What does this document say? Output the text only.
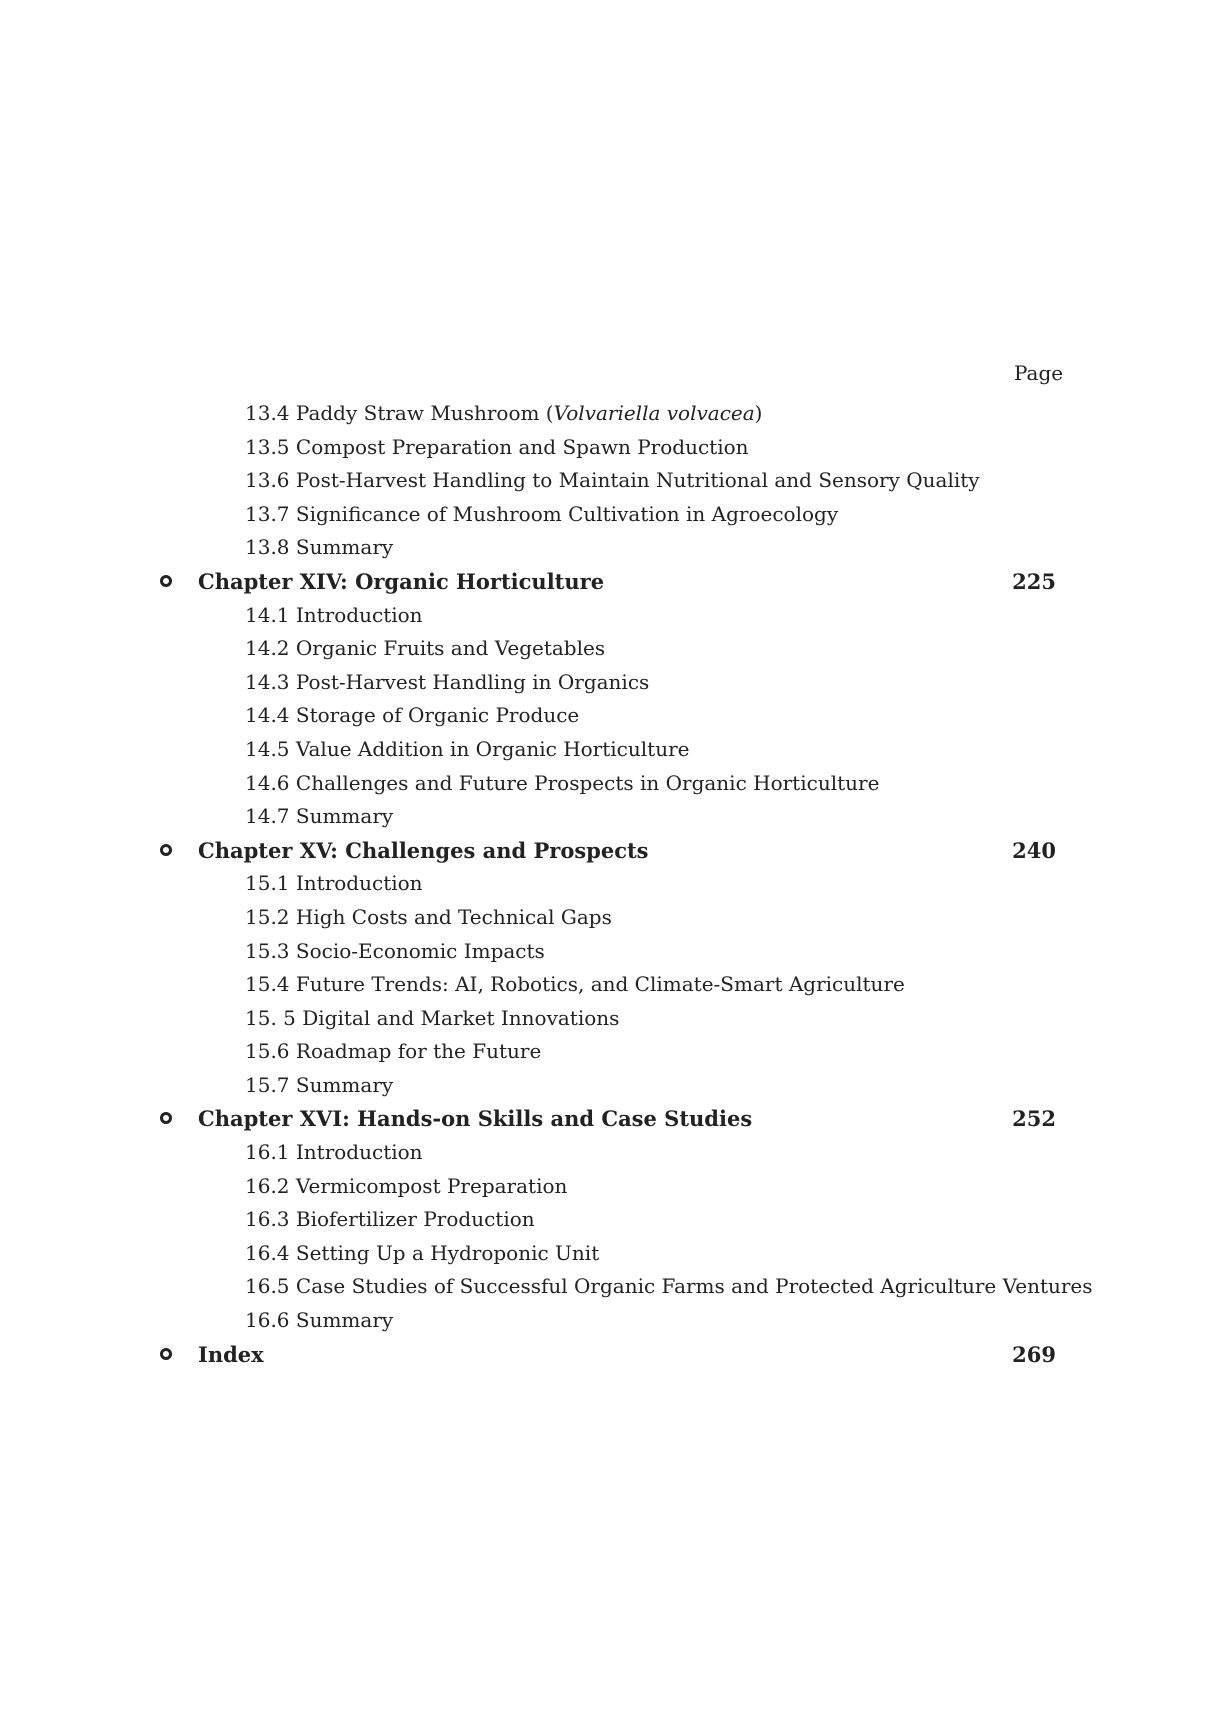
Page
13.4 Paddy Straw Mushroom (Volvariella volvacea)
13.5 Compost Preparation and Spawn Production
13.6 Post-Harvest Handling to Maintain Nutritional and Sensory Quality
13.7 Significance of Mushroom Cultivation in Agroecology
13.8 Summary
Chapter XIV: Organic Horticulture	225
14.1 Introduction
14.2 Organic Fruits and Vegetables
14.3 Post-Harvest Handling in Organics
14.4 Storage of Organic Produce
14.5 Value Addition in Organic Horticulture
14.6 Challenges and Future Prospects in Organic Horticulture
14.7 Summary
Chapter XV: Challenges and Prospects	240
15.1 Introduction
15.2 High Costs and Technical Gaps
15.3 Socio-Economic Impacts
15.4 Future Trends: AI, Robotics, and Climate-Smart Agriculture
15. 5 Digital and Market Innovations
15.6 Roadmap for the Future
15.7 Summary
Chapter XVI: Hands-on Skills and Case Studies	252
16.1 Introduction
16.2 Vermicompost Preparation
16.3 Biofertilizer Production
16.4 Setting Up a Hydroponic Unit
16.5 Case Studies of Successful Organic Farms and Protected Agriculture Ventures
16.6 Summary
Index	269
